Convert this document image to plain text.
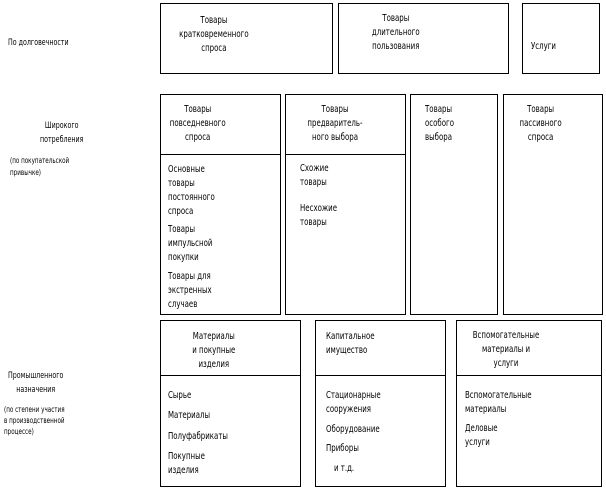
По долговечности
Широкого
потребления
(по покупательской
привычке)
Промышленного
назначения
(по степени участия
в производственной
процессе)
Товары
кратковременного
спроса
Товары
длительного
пользования	Услуги
Товары
повседневного
спроса
Основные
товары
постоянного
спроса
Товары
импульсной
покупки
Товары для
экстренных
случаев
Товары
предваритель-
ного выбора
Схожие
товары
Несхожие
товары
Товары
особого
выбора
Товары
пассивного
спроса
Материалы
и покупные
изделия
Сырье
Материалы
Полуфабрикаты
Покупные
изделия
Капитальное
имущество
Стационарные
сооружения
Оборудование
Приборы
и т.д.
Вспомогательные
материалы и
услуги
Вспомогательные
материалы
Деловые
услуги
